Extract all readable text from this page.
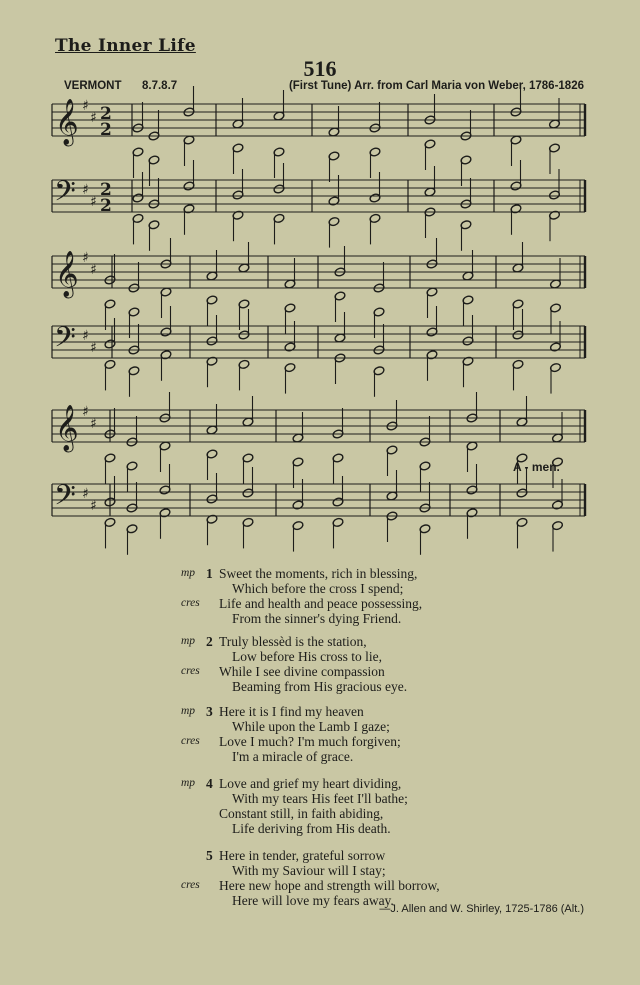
The Inner Life
516
VERMONT 8.7.8.7	(First Tune) Arr. from Carl Maria von Weber, 1786-1826
𝄞
𝄢
♯
♯
♯
♯
2
2
2
2
𝄞
𝄢
♯
♯
♯
♯
𝄞
𝄢
♯
♯
♯
♯
A - men.
1
mp Sweet the moments, rich in blessing,
Which before the cross I spend;
cres Life and health and peace possessing,
From the sinner's dying Friend.
2
mp Truly blessèd is the station,
Low before His cross to lie,
cres While I see divine compassion
Beaming from His gracious eye.
3
mp Here it is I find my heaven
While upon the Lamb I gaze;
cres Love I much? I'm much forgiven;
I'm a miracle of grace.
4
mp Love and grief my heart dividing,
With my tears His feet I'll bathe;
Constant still, in faith abiding,
Life deriving from His death.
5 Here in tender, grateful sorrow
With my Saviour will I stay;
cres Here new hope and strength will borrow,
Here will love my fears away.
—J. Allen and W. Shirley, 1725-1786 (Alt.)
